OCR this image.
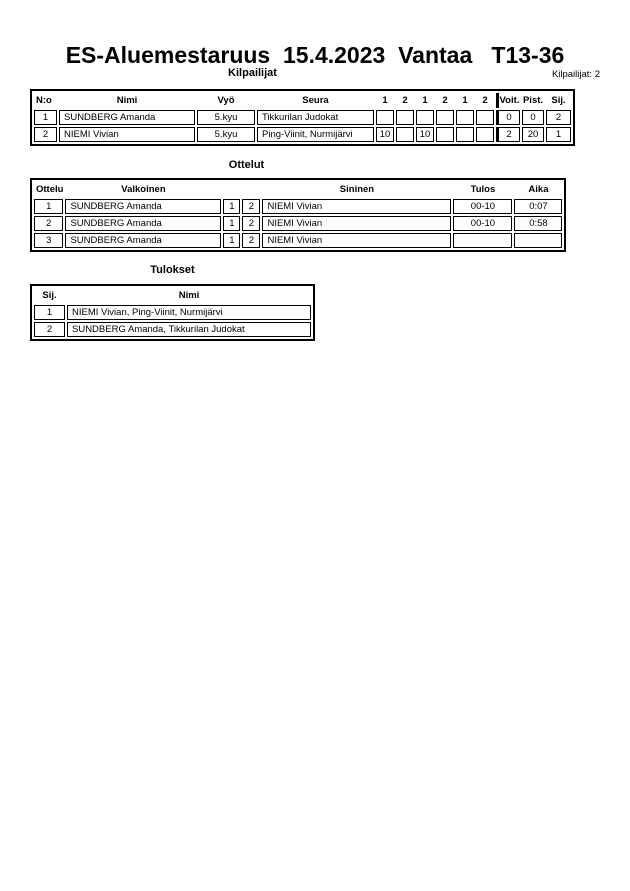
ES-Aluemestaruus  15.4.2023  Vantaa   T13-36
Kilpailijat	Kilpailijat: 2
N:o	Nimi	Vyö	Seura	1	2	1	2	1	2	Voit.	Pist.	Sij.
1	SUNDBERG Amanda	5.kyu	Tikkurilan Judokat							0	0	2
2	NIEMI Vivian	5.kyu	Ping-Viinit, Nurmijärvi	10		10				2	20	1
Ottelut
Ottelu	Valkoinen			Sininen	Tulos	Aika
1	SUNDBERG Amanda	1	2	NIEMI Vivian	00-10	0:07
2	SUNDBERG Amanda	1	2	NIEMI Vivian	00-10	0:58
3	SUNDBERG Amanda	1	2	NIEMI Vivian		
Tulokset
Sij.	Nimi
1	NIEMI Vivian, Ping-Viinit, Nurmijärvi
2	SUNDBERG Amanda, Tikkurilan Judokat
